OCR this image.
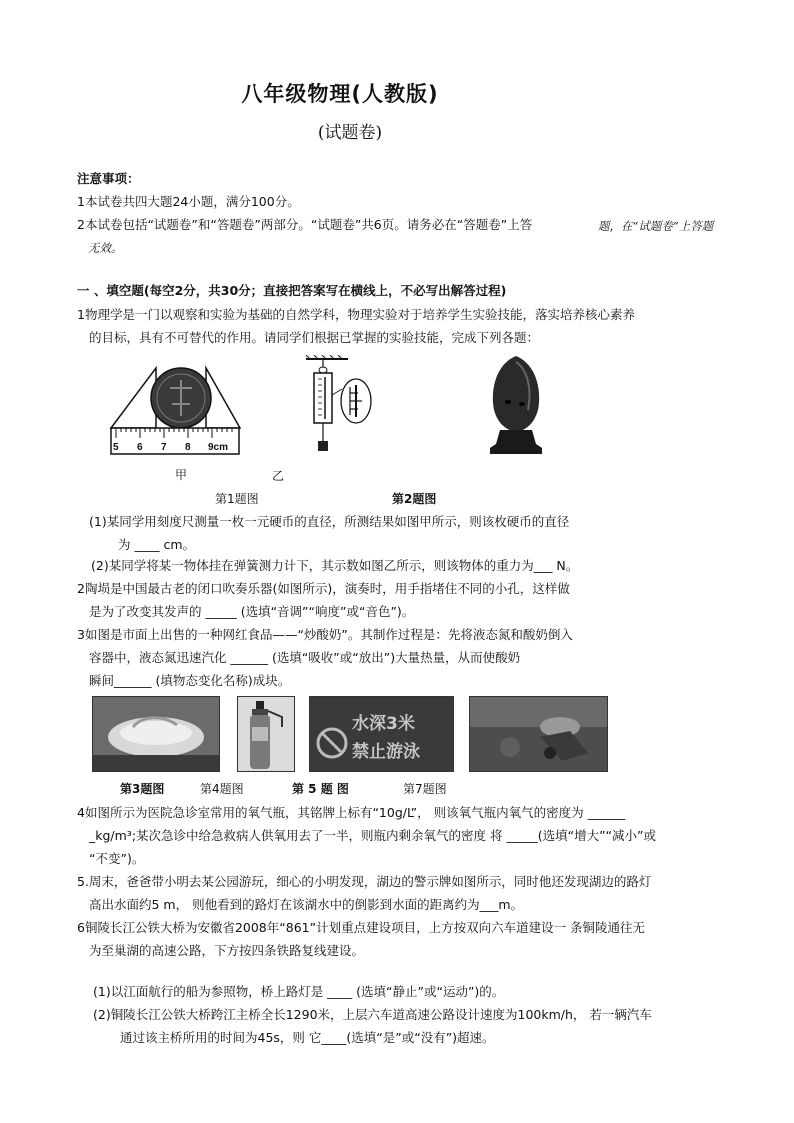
八年级物理(人教版)
(试题卷)
注意事项：
1本试卷共四大题24小题，满分100分。
2本试卷包括“试题卷”和“答题卷”两部分。“试题卷”共6页。请务必在“答题卷”上答	题，在“试题卷”上答题
无效。
一 、填空题(每空2分，共30分；直接把答案写在横线上，不必写出解答过程)
1物理学是一门以观察和实验为基础的自然学科，物理实验对于培养学生实验技能，落实培养核心素养
的目标，具有不可替代的作用。请同学们根据已掌握的实验技能，完成下列各题：
5 6 7 8 9cm
甲	乙
第1题图	第2题图
(1)某同学用刻度尺测量一枚一元硬币的直径，所测结果如图甲所示，则该枚硬币的直径
为 ____ cm。
(2)某同学将某一物体挂在弹簧测力计下，其示数如图乙所示，则该物体的重力为___ N。
2陶埙是中国最古老的闭口吹奏乐器(如图所示)，演奏时，用手指堵住不同的小孔，这样做
是为了改变其发声的 _____ (选填“音调”“响度”或“音色”)。
3如图是市面上出售的一种网红食品——“炒酸奶”。其制作过程是：先将液态氮和酸奶倒入
容器中，液态氮迅速汽化 ______ (选填“吸收”或“放出”)大量热量，从而使酸奶
瞬间______ (填物态变化名称)成块。
水深3米
禁止游泳
第3题图	第4题图	第 5 题 图	第7题图
4如图所示为医院急诊室常用的氧气瓶，其铭牌上标有“10g/L”， 则该氧气瓶内氧气的密度为 ______
_kg/m³;某次急诊中给急救病人供氧用去了一半，则瓶内剩余氧气的密度 将 _____(选填“增大”“减小”或
“不变”)。
5.周末，爸爸带小明去某公园游玩，细心的小明发现，湖边的警示牌如图所示，同时他还发现湖边的路灯
高出水面约5 m， 则他看到的路灯在该湖水中的倒影到水面的距离约为___m。
6铜陵长江公铁大桥为安徽省2008年“861”计划重点建设项目，上方按双向六车道建设一 条铜陵通往无
为至巢湖的高速公路，下方按四条铁路复线建设。
(1)以江面航行的船为参照物，桥上路灯是 ____ (选填“静止”或“运动”)的。
(2)铜陵长江公铁大桥跨江主桥全长1290米，上层六车道高速公路设计速度为100km/h， 若一辆汽车
通过该主桥所用的时间为45s，则 它____(选填“是”或“没有”)超速。
